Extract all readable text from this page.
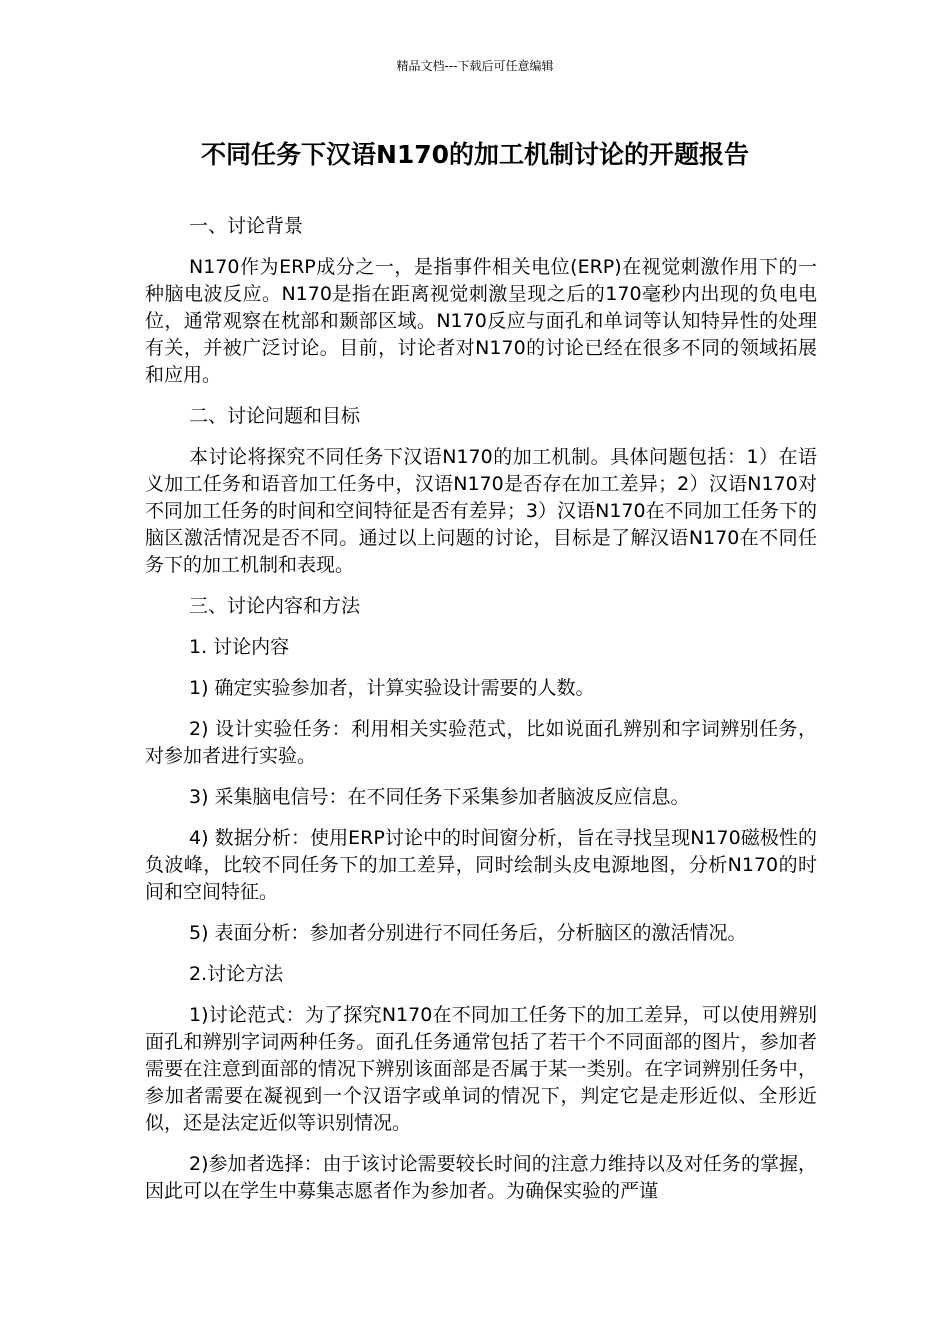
精品文档---下载后可任意编辑
不同任务下汉语N170的加工机制讨论的开题报告

一、讨论背景

N170作为ERP成分之一，是指事件相关电位(ERP)在视觉刺激作用下的一种脑电波反应。N170是指在距离视觉刺激呈现之后的170毫秒内出现的负电电位，通常观察在枕部和颞部区域。N170反应与面孔和单词等认知特异性的处理有关，并被广泛讨论。目前，讨论者对N170的讨论已经在很多不同的领域拓展和应用。

二、讨论问题和目标

本讨论将探究不同任务下汉语N170的加工机制。具体问题包括：1）在语义加工任务和语音加工任务中，汉语N170是否存在加工差异；2）汉语N170对不同加工任务的时间和空间特征是否有差异；3）汉语N170在不同加工任务下的脑区激活情况是否不同。通过以上问题的讨论，目标是了解汉语N170在不同任务下的加工机制和表现。

三、讨论内容和方法

1. 讨论内容

1) 确定实验参加者，计算实验设计需要的人数。

2) 设计实验任务：利用相关实验范式，比如说面孔辨别和字词辨别任务，对参加者进行实验。

3) 采集脑电信号：在不同任务下采集参加者脑波反应信息。

4) 数据分析：使用ERP讨论中的时间窗分析，旨在寻找呈现N170磁极性的负波峰，比较不同任务下的加工差异，同时绘制头皮电源地图，分析N170的时间和空间特征。

5) 表面分析：参加者分别进行不同任务后，分析脑区的激活情况。

2.讨论方法

1)讨论范式：为了探究N170在不同加工任务下的加工差异，可以使用辨别面孔和辨别字词两种任务。面孔任务通常包括了若干个不同面部的图片，参加者需要在注意到面部的情况下辨别该面部是否属于某一类别。在字词辨别任务中，参加者需要在凝视到一个汉语字或单词的情况下，判定它是走形近似、全形近似，还是法定近似等识别情况。

2)参加者选择：由于该讨论需要较长时间的注意力维持以及对任务的掌握，因此可以在学生中募集志愿者作为参加者。为确保实验的严谨
